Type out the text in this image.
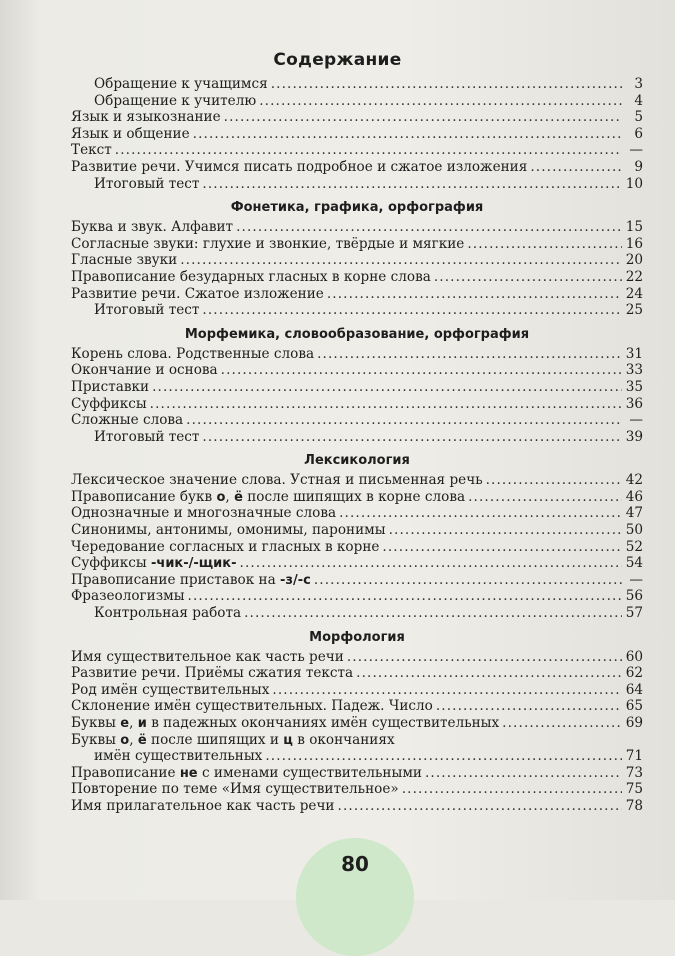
Содержание
Обращение к учащимся . . .	3
Обращение к учителю . . .	4
Язык и языкознание . . .	5
Язык и общение . . .	6
Текст . . .	—
Развитие речи. Учимся писать подробное и сжатое изложения . . .	9
Итоговый тест . . .	10
Фонетика, графика, орфография
Буква и звук. Алфавит . . .	15
Согласные звуки: глухие и звонкие, твёрдые и мягкие . . .	16
Гласные звуки . . .	20
Правописание безударных гласных в корне слова . . .	22
Развитие речи. Сжатое изложение . . .	24
Итоговый тест . . .	25
Морфемика, словообразование, орфография
Корень слова. Родственные слова . . .	31
Окончание и основа . . .	33
Приставки . . .	35
Суффиксы . . .	36
Сложные слова . . .	—
Итоговый тест . . .	39
Лексикология
Лексическое значение слова. Устная и письменная речь . . .	42
Правописание букв о, ё после шипящих в корне слова . . .	46
Однозначные и многозначные слова . . .	47
Синонимы, антонимы, омонимы, паронимы . . .	50
Чередование согласных и гласных в корне . . .	52
Суффиксы -чик-/-щик- . . .	54
Правописание приставок на -з/-с . . .	—
Фразеологизмы . . .	56
Контрольная работа . . .	57
Морфология
Имя существительное как часть речи . . .	60
Развитие речи. Приёмы сжатия текста . . .	62
Род имён существительных . . .	64
Склонение имён существительных. Падеж. Число . . .	65
Буквы е, и в падежных окончаниях имён существительных . . .	69
Буквы о, ё после шипящих и ц в окончаниях
имён существительных . . .	71
Правописание не с именами существительными . . .	73
Повторение по теме «Имя существительное» . . .	75
Имя прилагательное как часть речи . . .	78
80
